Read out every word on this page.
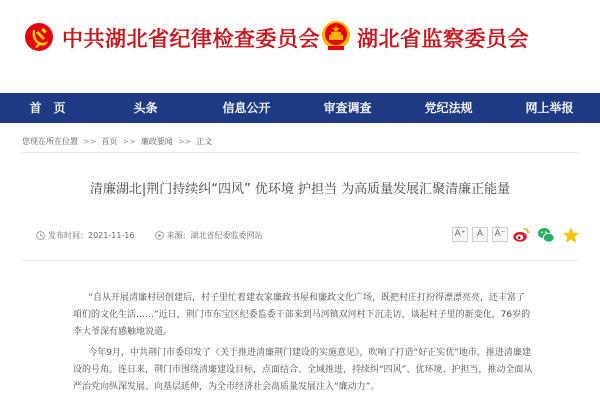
中共湖北省纪律检查委员会 湖北省监察委员会
首　页	头条	信息公开	审查调查	党纪法规	网上举报
您现在所在位置 >> 首页 >> 廉政要闻 >> 正文
清廉湖北|荆门持续纠“四风” 优环境 护担当 为高质量发展汇聚清廉正能量
发布时间：2021-11-16	来源：湖北省纪委监委网站	A⁺	A	A⁻

“自从开展清廉村居创建后，村子里忙着建农家廉政书屋和廉政文化广场，既把村庄打扮得漂漂亮亮，还丰富了咱们的文化生活……”近日，荆门市东宝区纪委监委干部来到马河镇双河村下沉走访，谈起村子里的新变化，76岁的李大爷深有感触地说道。

今年9月，中共荆门市委印发了《关于推进清廉荆门建设的实施意见》，吹响了打造“好正实优”地市，推进清廉建设的号角。连日来，荆门市围绕清廉建设目标，点面结合、全域推进，持续纠“四风”、优环境、护担当，推动全面从严治党向纵深发展、向基层延伸，为全市经济社会高质量发展注入“廉动力”。
